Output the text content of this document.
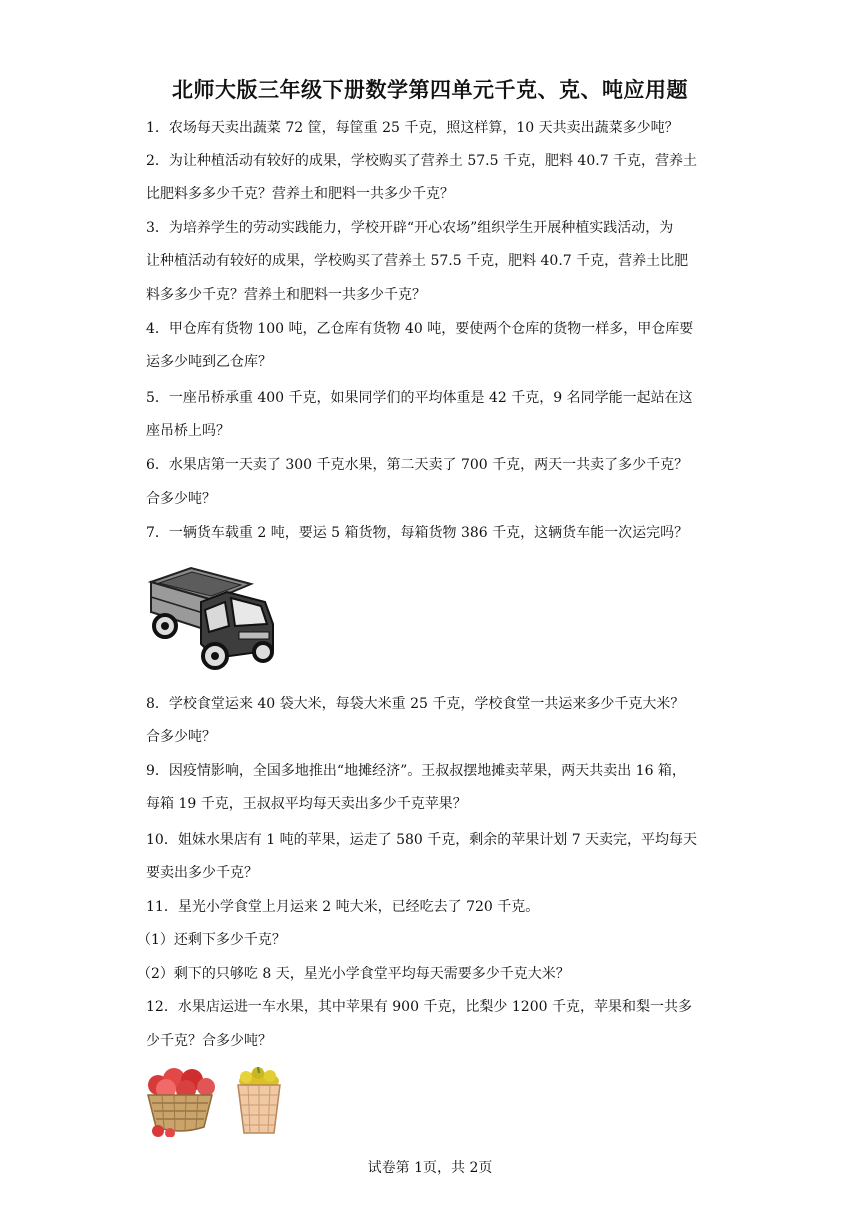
北师大版三年级下册数学第四单元千克、克、吨应用题
1．农场每天卖出蔬菜 72 筐，每筐重 25 千克，照这样算，10 天共卖出蔬菜多少吨？
2．为让种植活动有较好的成果，学校购买了营养土 57.5 千克，肥料 40.7 千克，营养土
比肥料多多少千克？营养土和肥料一共多少千克？
3．为培养学生的劳动实践能力，学校开辟“开心农场”组织学生开展种植实践活动，为
让种植活动有较好的成果，学校购买了营养土 57.5 千克，肥料 40.7 千克，营养土比肥
料多多少千克？营养土和肥料一共多少千克？
4．甲仓库有货物 100 吨，乙仓库有货物 40 吨，要使两个仓库的货物一样多，甲仓库要
运多少吨到乙仓库？
5．一座吊桥承重 400 千克，如果同学们的平均体重是 42 千克，9 名同学能一起站在这
座吊桥上吗？
6．水果店第一天卖了 300 千克水果，第二天卖了 700 千克，两天一共卖了多少千克？
合多少吨？
7．一辆货车载重 2 吨，要运 5 箱货物，每箱货物 386 千克，这辆货车能一次运完吗？
8．学校食堂运来 40 袋大米，每袋大米重 25 千克，学校食堂一共运来多少千克大米？
合多少吨？
9．因疫情影响，全国多地推出“地摊经济”。王叔叔摆地摊卖苹果，两天共卖出 16 箱，
每箱 19 千克，王叔叔平均每天卖出多少千克苹果？
10．姐妹水果店有 1 吨的苹果，运走了 580 千克，剩余的苹果计划 7 天卖完，平均每天
要卖出多少千克？
11．星光小学食堂上月运来 2 吨大米，已经吃去了 720 千克。
（1）还剩下多少千克？
（2）剩下的只够吃 8 天，星光小学食堂平均每天需要多少千克大米？
12．水果店运进一车水果，其中苹果有 900 千克，比梨少 1200 千克，苹果和梨一共多
少千克？合多少吨？
试卷第 1页，共 2页
